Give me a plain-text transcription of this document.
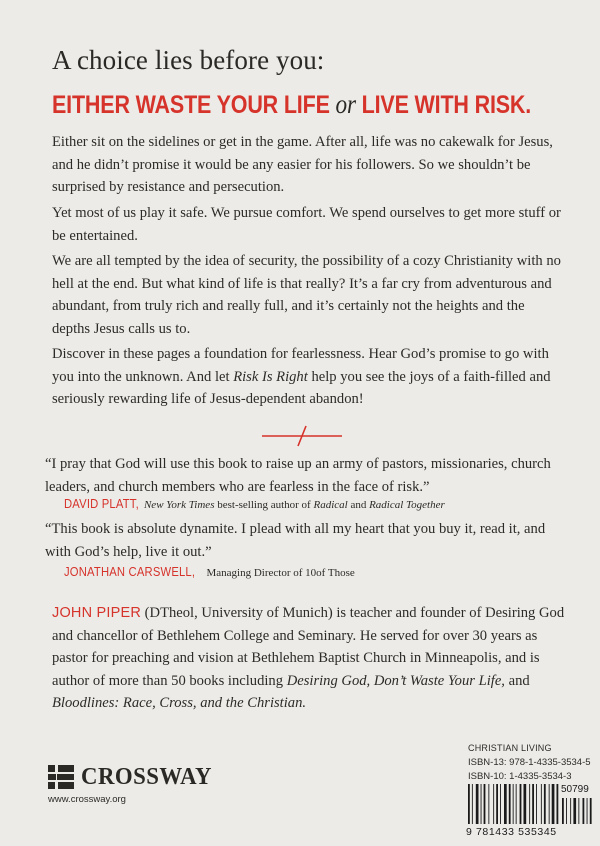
A choice lies before you:
EITHER WASTE YOUR LIFE or LIVE WITH RISK.

Either sit on the sidelines or get in the game. After all, life was no cakewalk for Jesus, and he didn’t promise it would be any easier for his followers. So we shouldn’t be surprised by resistance and persecution.

Yet most of us play it safe. We pursue comfort. We spend ourselves to get more stuff or be entertained.

We are all tempted by the idea of security, the possibility of a cozy Christianity with no hell at the end. But what kind of life is that really? It’s a far cry from adventurous and abundant, from truly rich and really full, and it’s certainly not the heights and the depths Jesus calls us to.

Discover in these pages a foundation for fearlessness. Hear God’s promise to go with you into the unknown. And let Risk Is Right help you see the joys of a faith-filled and seriously rewarding life of Jesus-dependent abandon!

“I pray that God will use this book to raise up an army of pastors, missionaries, church leaders, and church members who are fearless in the face of risk.”

DAVID PLATT, New York Times best-selling author of Radical and Radical Together

“This book is absolute dynamite. I plead with all my heart that you buy it, read it, and with God’s help, live it out.”

JONATHAN CARSWELL, Managing Director of 10of Those

JOHN PIPER (DTheol, University of Munich) is teacher and founder of Desiring God and chancellor of Bethlehem College and Seminary. He served for over 30 years as pastor for preaching and vision at Bethlehem Baptist Church in Minneapolis, and is author of more than 50 books including Desiring God, Don’t Waste Your Life, and Bloodlines: Race, Cross, and the Christian.

CROSSWAY
www.crossway.org
CHRISTIAN LIVING
ISBN-13: 978-1-4335-3534-5
ISBN-10: 1-4335-3534-3
50799
9 781433 535345
